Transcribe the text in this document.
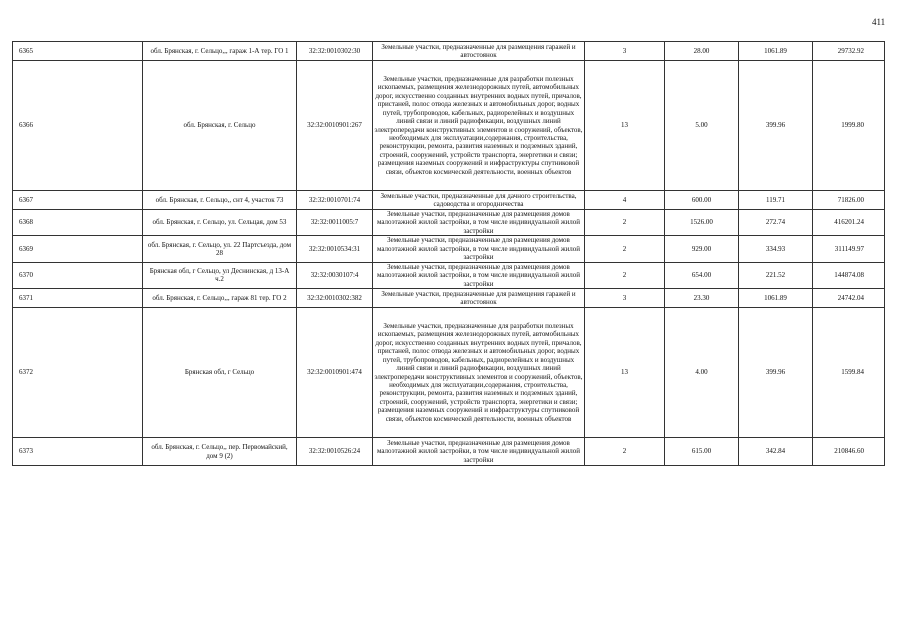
411
6365	обл. Брянская, г. Сельцо,,, гараж 1-А тер. ГО 1	32:32:0010302:30	Земельные участки, предназначенные для размещения гаражей и автостоянок	3	28.00	1061.89	29732.92
6366	обл. Брянская, г. Сельцо	32:32:0010901:267	Земельные участки, предназначенные для разработки полезных ископаемых, размещения железнодорожных путей, автомобильных дорог, искусственно созданных внутренних водных путей, причалов, пристаней, полос отвода железных и автомобильных дорог, водных путей, трубопроводов, кабельных, радиорелейных и воздушных линий связи и линий радиофикации, воздушных линий электропередачи конструктивных элементов и сооружений, объектов, необходимых для эксплуатации,содержания, строительства, реконструкции, ремонта, развития наземных и подземных зданий, строений, сооружений, устройств транспорта, энергетики и связи; размещения наземных сооружений и инфраструктуры спутниковой связи, объектов космической деятельности, военных объектов	13	5.00	399.96	1999.80
6367	обл. Брянская, г. Сельцо,, снт 4, участок 73	32:32:0010701:74	Земельные участки, предназначенные для дачного строительства, садоводства и огородничества	4	600.00	119.71	71826.00
6368	обл. Брянская, г. Сельцо, ул. Сельцая, дом 53	32:32:0011005:7	Земельные участки, предназначенные для размещения домов малоэтажной жилой застройки, в том числе индивидуальной жилой застройки	2	1526.00	272.74	416201.24
6369	обл. Брянская, г. Сельцо, ул. 22 Партсъезда, дом 28	32:32:0010534:31	Земельные участки, предназначенные для размещения домов малоэтажной жилой застройки, в том числе индивидуальной жилой застройки	2	929.00	334.93	311149.97
6370	Брянская обл, г Сельцо, ул Деснинская, д 13-А ч.2	32:32:0030107:4	Земельные участки, предназначенные для размещения домов малоэтажной жилой застройки, в том числе индивидуальной жилой застройки	2	654.00	221.52	144874.08
6371	обл. Брянская, г. Сельцо,,, гараж 81 тер. ГО 2	32:32:0010302:382	Земельные участки, предназначенные для размещения гаражей и автостоянок	3	23.30	1061.89	24742.04
6372	Брянская обл, г Сельцо	32:32:0010901:474	Земельные участки, предназначенные для разработки полезных ископаемых, размещения железнодорожных путей, автомобильных дорог, искусственно созданных внутренних водных путей, причалов, пристаней, полос отвода железных и автомобильных дорог, водных путей, трубопроводов, кабельных, радиорелейных и воздушных линий связи и линий радиофикации, воздушных линий электропередачи конструктивных элементов и сооружений, объектов, необходимых для эксплуатации,содержания, строительства, реконструкции, ремонта, развития наземных и подземных зданий, строений, сооружений, устройств транспорта, энергетики и связи; размещения наземных сооружений и инфраструктуры спутниковой связи, объектов космической деятельности, военных объектов	13	4.00	399.96	1599.84
6373	обл. Брянская, г. Сельцо,, пер. Первомайский, дом 9 (2)	32:32:0010526:24	Земельные участки, предназначенные для размещения домов малоэтажной жилой застройки, в том числе индивидуальной жилой застройки	2	615.00	342.84	210846.60
